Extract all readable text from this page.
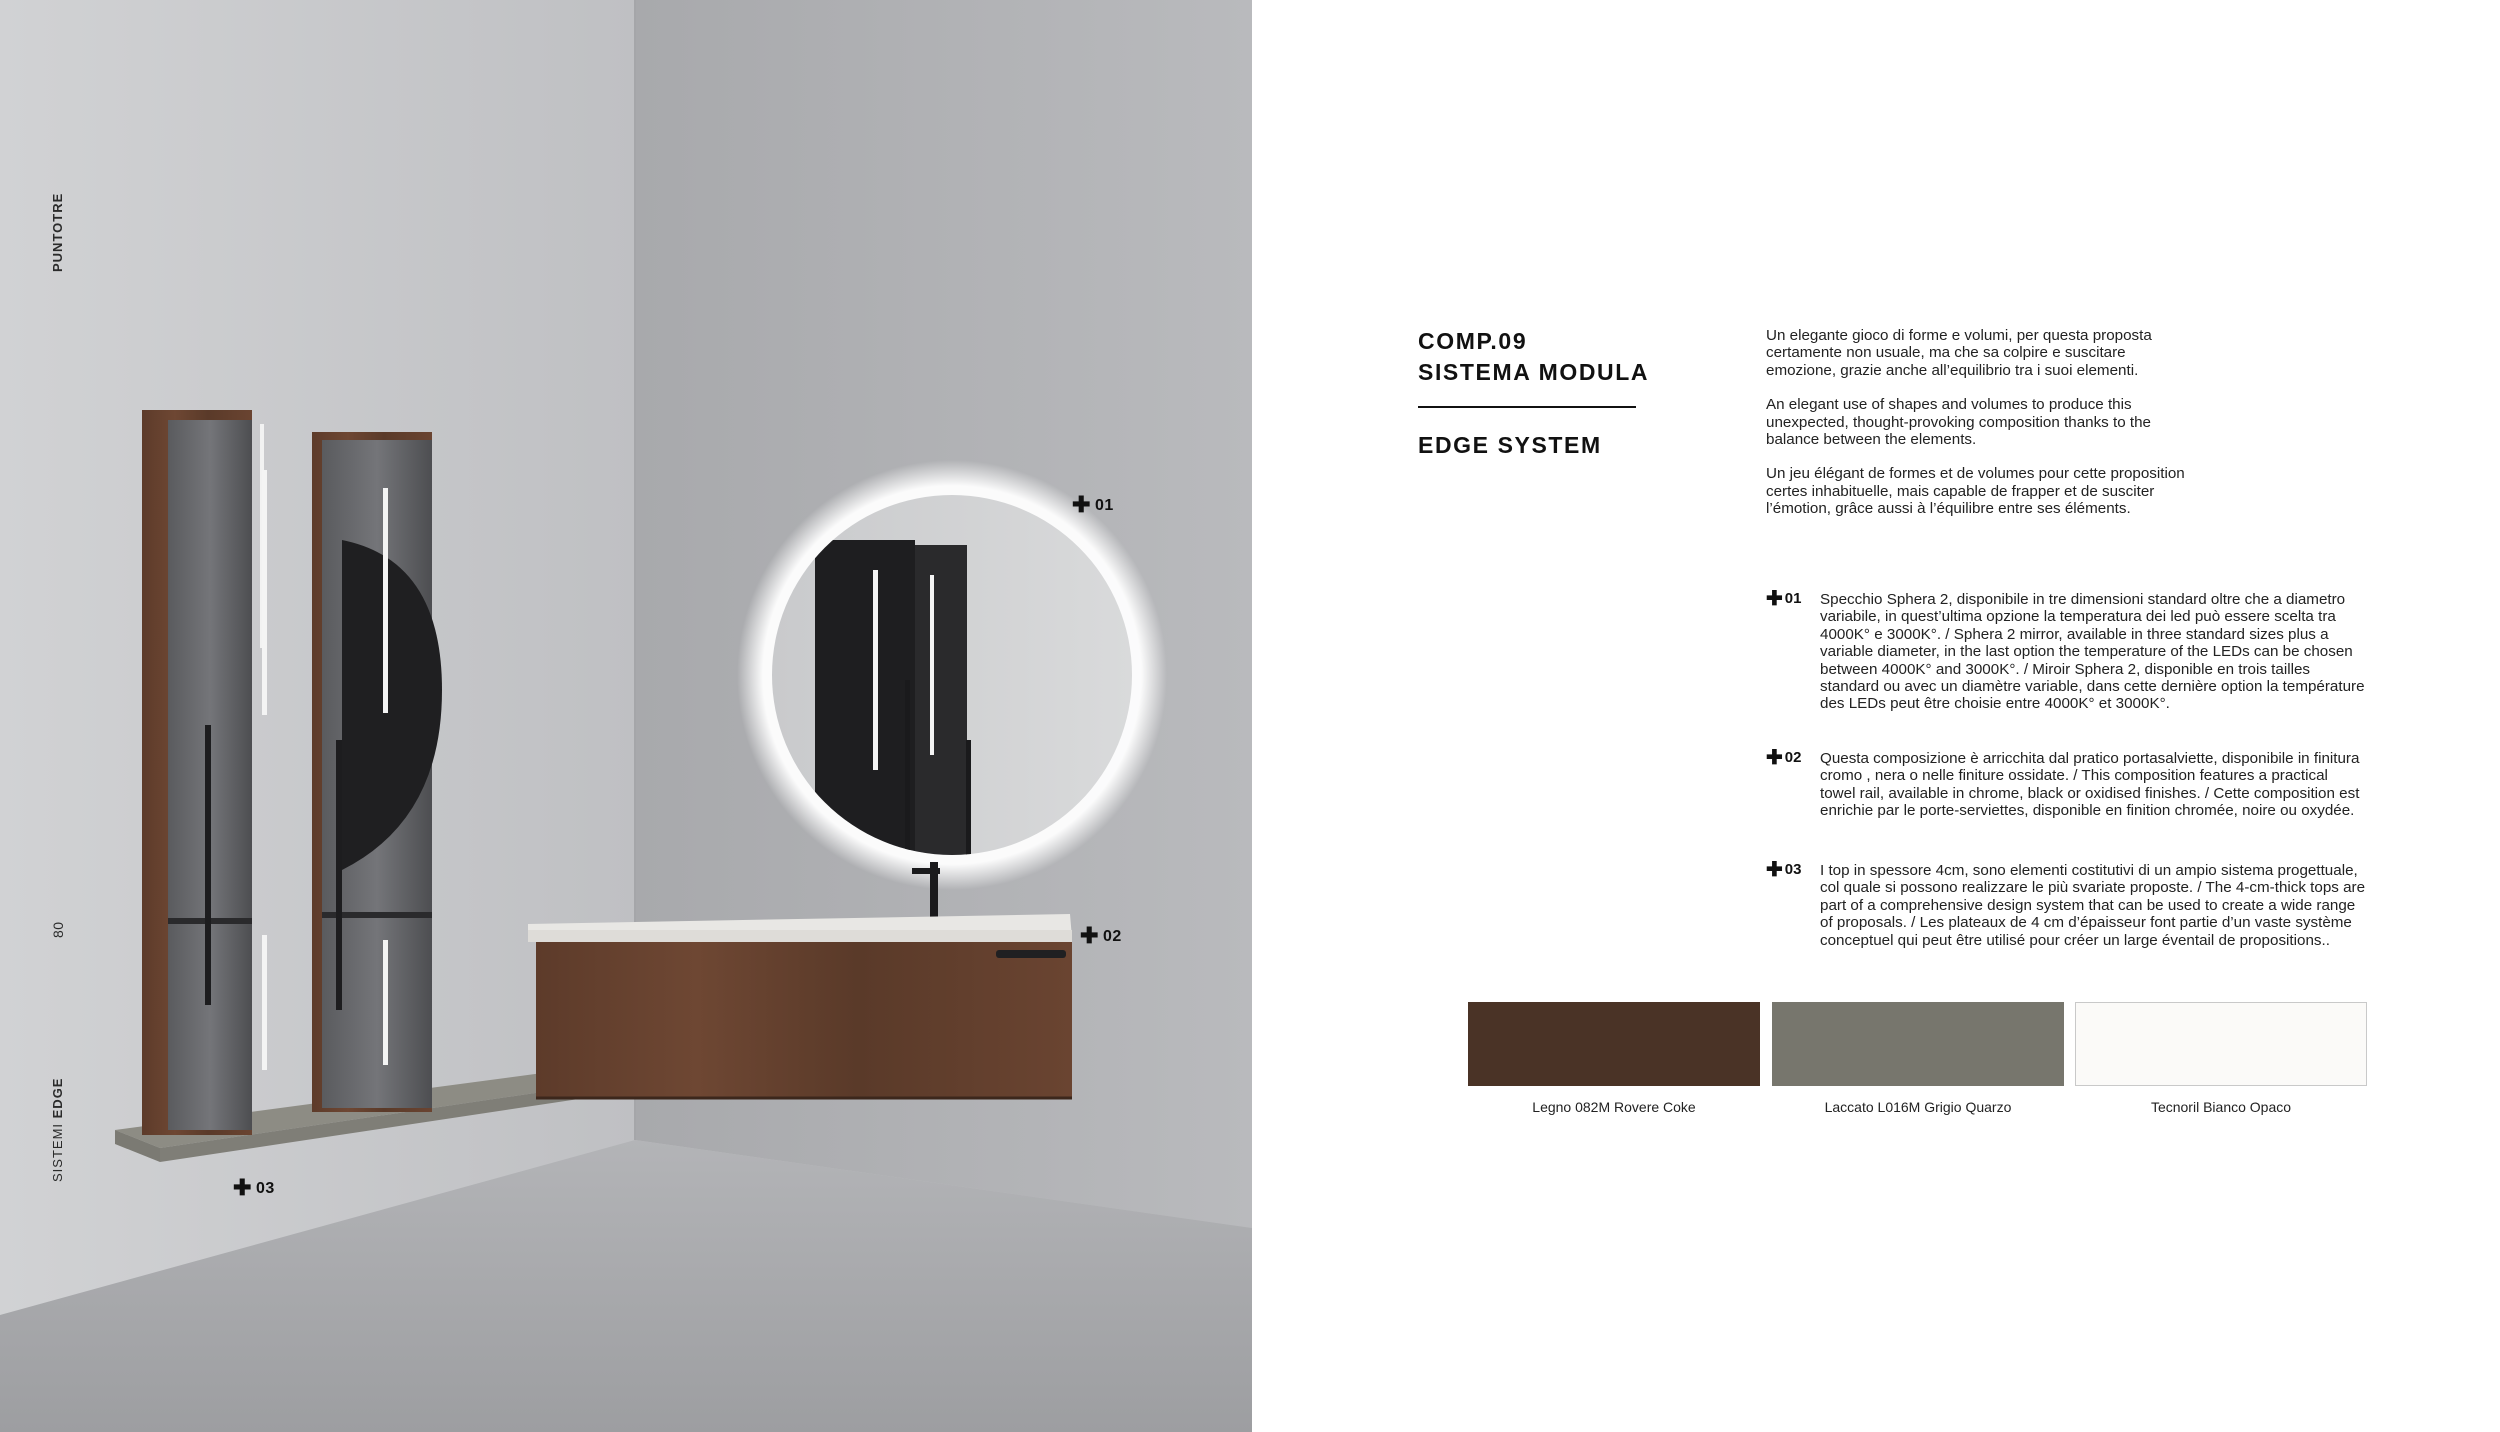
PUNTOTRE
80
SISTEMI EDGE
✚ 01
✚ 02
✚ 03
COMP.09
SISTEMA MODULA
EDGE SYSTEM

Un elegante gioco di forme e volumi, per questa proposta certamente non usuale, ma che sa colpire e suscitare emozione, grazie anche all’equilibrio tra i suoi elementi.

An elegant use of shapes and volumes to produce this unexpected, thought-provoking composition thanks to the balance between the elements.

Un jeu élégant de formes et de volumes pour cette proposition certes inhabituelle, mais capable de frapper et de susciter l’émotion, grâce aussi à l’équilibre entre ses éléments.

✚ 01 Specchio Sphera 2, disponibile in tre dimensioni standard oltre che a diametro variabile, in quest’ultima opzione la temperatura dei led può essere scelta tra 4000K° e 3000K°. / Sphera 2 mirror, available in three standard sizes plus a variable diameter, in the last option the temperature of the LEDs can be chosen between 4000K° and 3000K°. / Miroir Sphera 2, disponible en trois tailles standard ou avec un diamètre variable, dans cette dernière option la température des LEDs peut être choisie entre 4000K° et 3000K°.
✚ 02 Questa composizione è arricchita dal pratico portasalviette, disponibile in finitura cromo , nera o nelle finiture ossidate. / This composition features a practical towel rail, available in chrome, black or oxidised finishes. / Cette composition est enrichie par le porte-serviettes, disponible en finition chromée, noire ou oxydée.
✚ 03 I top in spessore 4cm, sono elementi costitutivi di un ampio sistema progettuale, col quale si possono realizzare le più svariate proposte. / The 4-cm-thick tops are part of a comprehensive design system that can be used to create a wide range of proposals. / Les plateaux de 4 cm d’épaisseur font partie d’un vaste système conceptuel qui peut être utilisé pour créer un large éventail de propositions..
Legno 082M Rovere Coke	Laccato L016M Grigio Quarzo	Tecnoril Bianco Opaco
